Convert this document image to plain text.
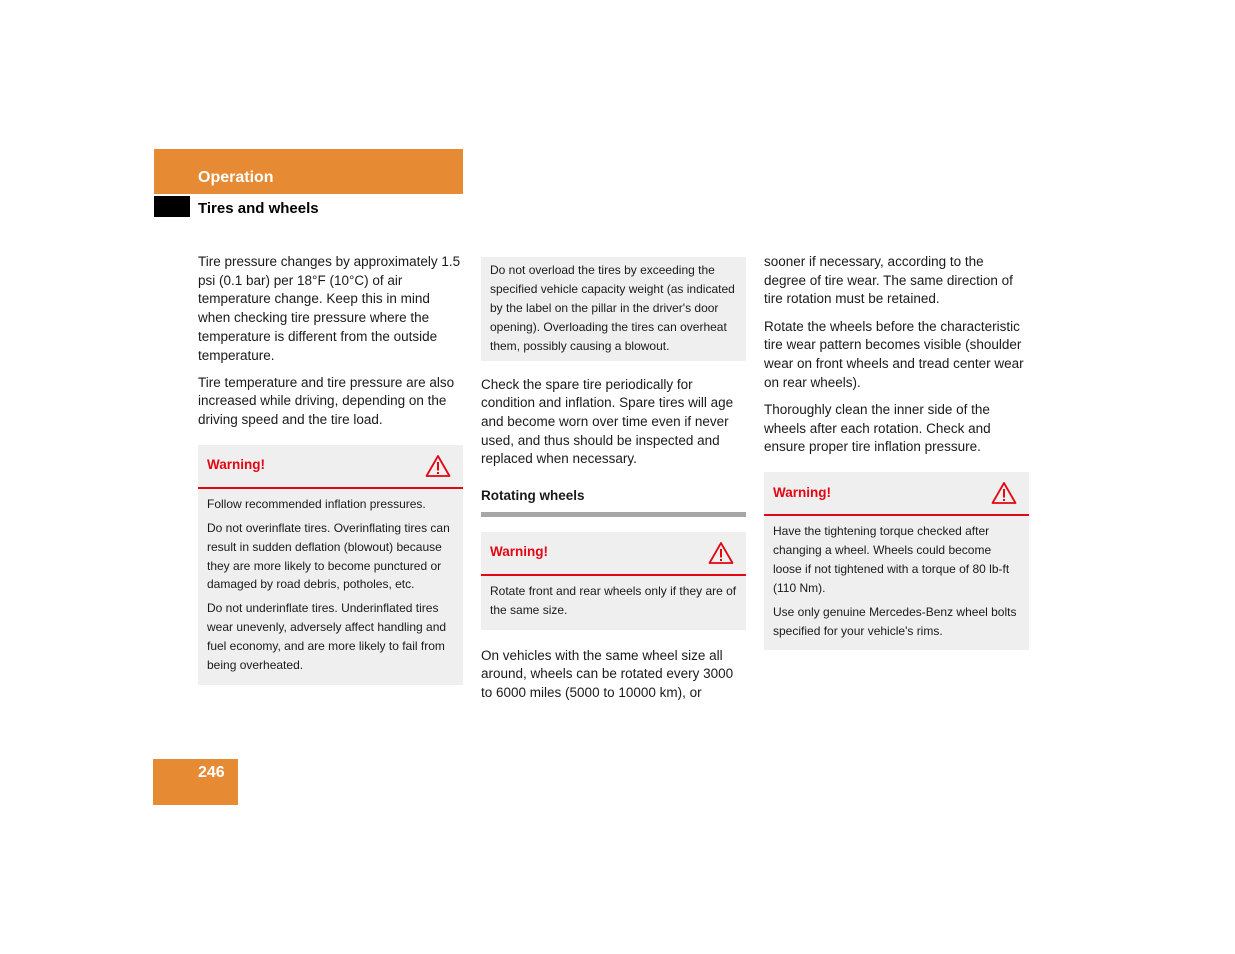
Operation
Tires and wheels

Tire pressure changes by approximately 1.5 psi (0.1 bar) per 18°F (10°C) of air temperature change. Keep this in mind when checking tire pressure where the temperature is different from the outside temperature.

Tire temperature and tire pressure are also increased while driving, depending on the driving speed and the tire load.

Warning!

Follow recommended inflation pressures.

Do not overinflate tires. Overinflating tires can result in sudden deflation (blowout) because they are more likely to become punctured or damaged by road debris, potholes, etc.

Do not underinflate tires. Underinflated tires wear unevenly, adversely affect handling and fuel economy, and are more likely to fail from being overheated.

Do not overload the tires by exceeding the specified vehicle capacity weight (as indicated by the label on the pillar in the driver's door opening). Overloading the tires can overheat them, possibly causing a blowout.

Check the spare tire periodically for condition and inflation. Spare tires will age and become worn over time even if never used, and thus should be inspected and replaced when necessary.

Rotating wheels
Warning!

Rotate front and rear wheels only if they are of the same size.

On vehicles with the same wheel size all around, wheels can be rotated every 3000 to 6000 miles (5000 to 10000 km), or

sooner if necessary, according to the degree of tire wear. The same direction of tire rotation must be retained.

Rotate the wheels before the characteristic tire wear pattern becomes visible (shoulder wear on front wheels and tread center wear on rear wheels).

Thoroughly clean the inner side of the wheels after each rotation. Check and ensure proper tire inflation pressure.

Warning!

Have the tightening torque checked after changing a wheel. Wheels could become loose if not tightened with a torque of 80 lb-ft (110 Nm).

Use only genuine Mercedes-Benz wheel bolts specified for your vehicle's rims.

246
